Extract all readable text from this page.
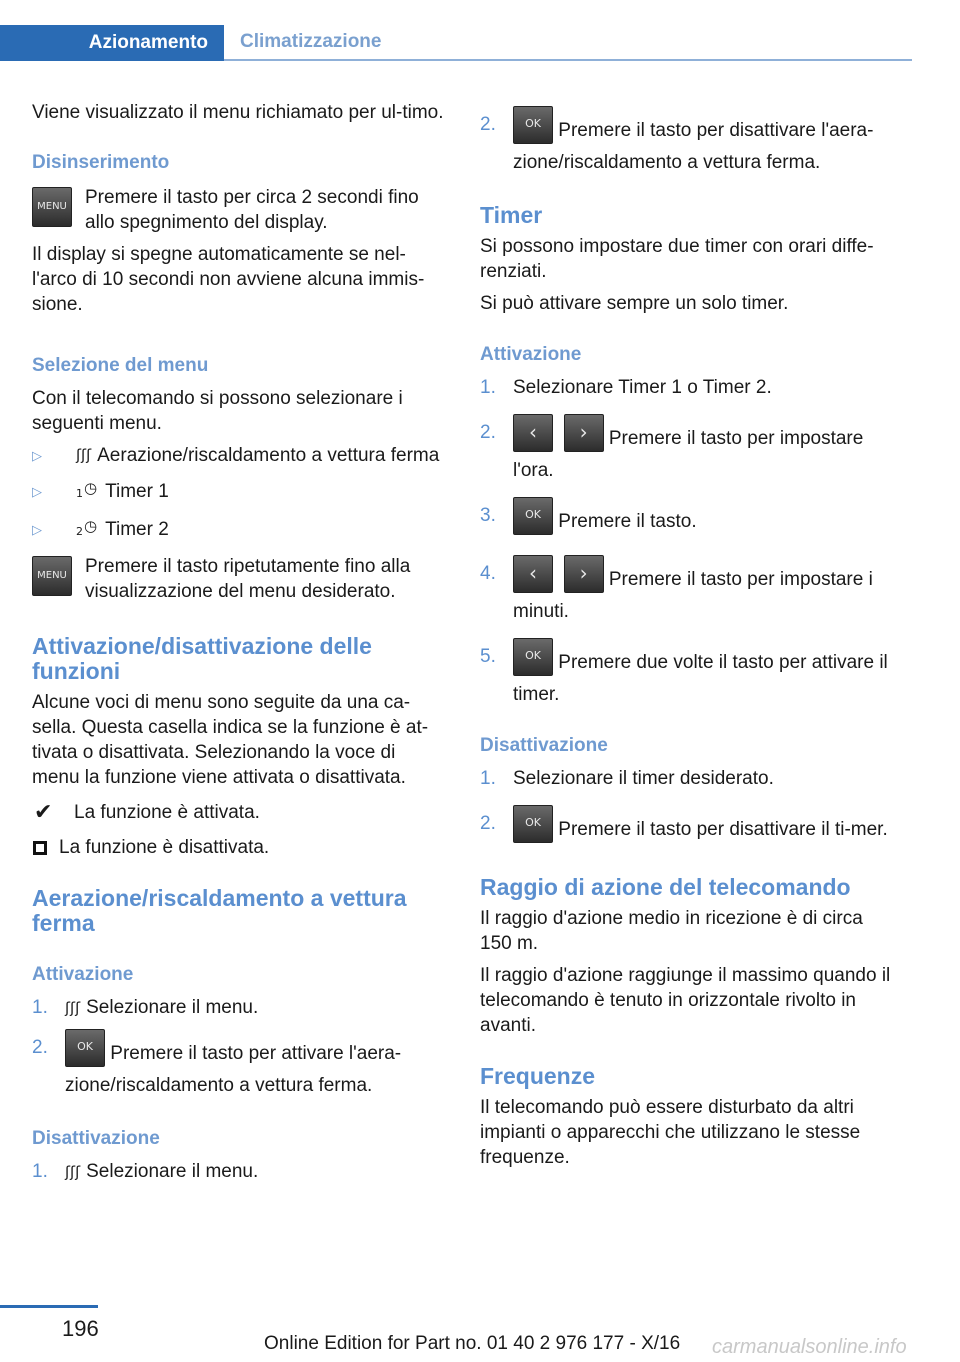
Azionamento	Climatizzazione

Viene visualizzato il menu richiamato per ul-timo.

Disinserimento
MENU Premere il tasto per circa 2 secondi fino allo spegnimento del display.

Il display si spegne automaticamente se nel-l'arco di 10 secondi non avviene alcuna immis-sione.

Selezione del menu

Con il telecomando si possono selezionare i seguenti menu.

▷	ʃʃʃ Aerazione/riscaldamento a vettura ferma
▷	$_1$◷ Timer 1
▷	$_2$◷ Timer 2
MENU Premere il tasto ripetutamente fino alla visualizzazione del menu desiderato.
Attivazione/disattivazione delle funzioni

Alcune voci di menu sono seguite da una ca-sella. Questa casella indica se la funzione è at-tivata o disattivata. Selezionando la voce di menu la funzione viene attivata o disattivata.

✔	La funzione è attivata.
La funzione è disattivata.
Aerazione/riscaldamento a vettura ferma
Attivazione
1.	ʃʃʃ Selezionare il menu.
2.	OK Premere il tasto per attivare l'aera-zione/riscaldamento a vettura ferma.
Disattivazione
1.	ʃʃʃ Selezionare il menu.
2.	OK Premere il tasto per disattivare l'aera-zione/riscaldamento a vettura ferma.
Timer

Si possono impostare due timer con orari diffe-renziati.

Si può attivare sempre un solo timer.

Attivazione
1. Selezionare Timer 1 o Timer 2.
2.	‹ › Premere il tasto per impostare l'ora.
3.	OK Premere il tasto.
4.	‹ › Premere il tasto per impostare i minuti.
5.	OK Premere due volte il tasto per attivare il timer.
Disattivazione
1. Selezionare il timer desiderato.
2.	OK Premere il tasto per disattivare il ti-mer.
Raggio di azione del telecomando

Il raggio d'azione medio in ricezione è di circa 150 m.

Il raggio d'azione raggiunge il massimo quando il telecomando è tenuto in orizzontale rivolto in avanti.

Frequenze

Il telecomando può essere disturbato da altri impianti o apparecchi che utilizzano le stesse frequenze.

196
Online Edition for Part no. 01 40 2 976 177 - X/16 carmanualsonline.info
